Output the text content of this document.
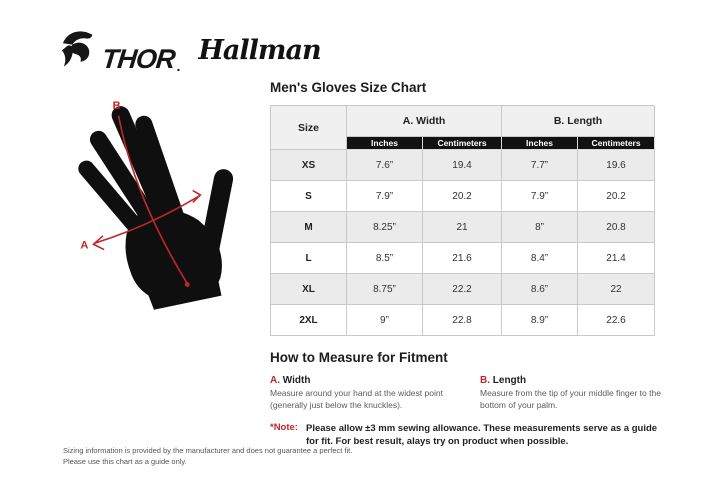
THOR . Hallman
B
A
Men's Gloves Size Chart
Size	A. Width		B. Length	
	Inches	Centimeters	Inches	Centimeters
XS	7.6”	19.4	7.7”	19.6
S	7.9”	20.2	7.9”	20.2
M	8.25”	21	8”	20.8
L	8.5”	21.6	8.4”	21.4
XL	8.75”	22.2	8.6”	22
2XL	9”	22.8	8.9”	22.6
How to Measure for Fitment
A. Width
Measure around your hand at the widest point (generally just below the knuckles).
B. Length
Measure from the tip of your middle finger to the bottom of your palm.
*Note: Please allow ±3 mm sewing allowance. These measurements serve as a guide for fit. For best result, alays try on product when possible.
Sizing information is provided by the manufacturer and does not guarantee a perfect fit.
Please use this chart as a guide only.
